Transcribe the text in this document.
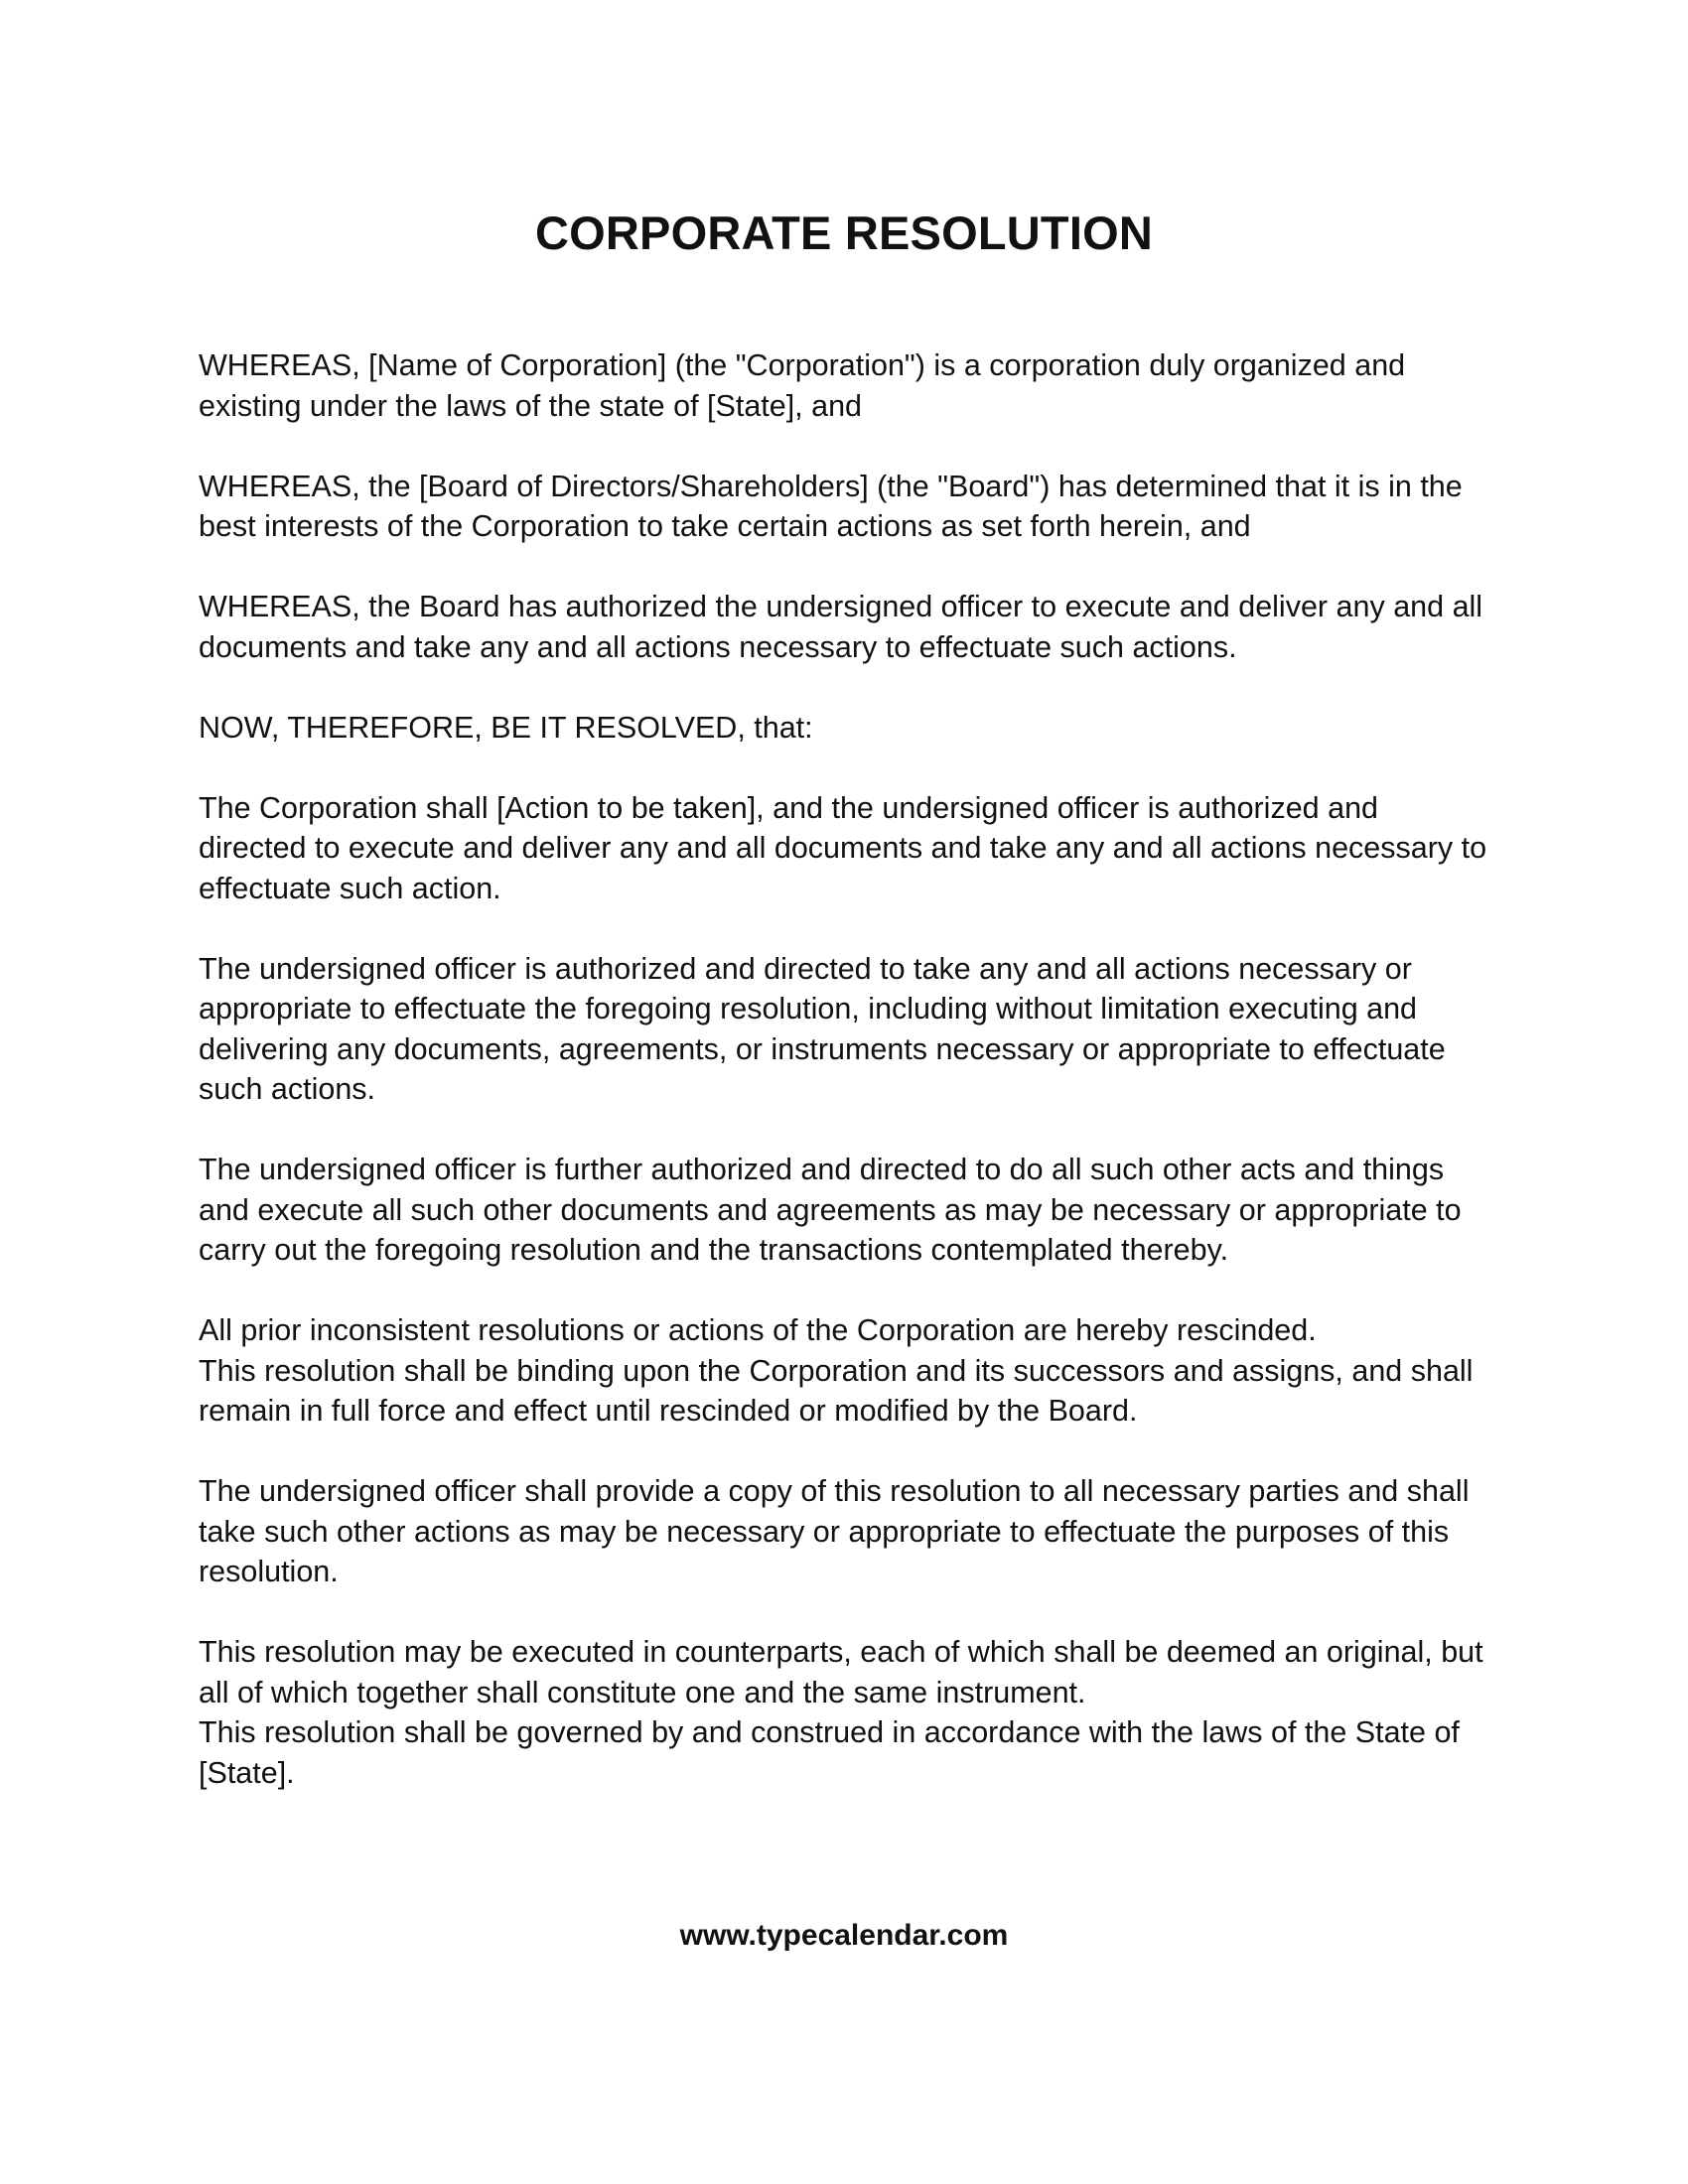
CORPORATE RESOLUTION

WHEREAS, [Name of Corporation] (the "Corporation") is a corporation duly organized and
existing under the laws of the state of [State], and

WHEREAS, the [Board of Directors/Shareholders] (the "Board") has determined that it is in the
best interests of the Corporation to take certain actions as set forth herein, and

WHEREAS, the Board has authorized the undersigned officer to execute and deliver any and all
documents and take any and all actions necessary to effectuate such actions.

NOW, THEREFORE, BE IT RESOLVED, that:

The Corporation shall [Action to be taken], and the undersigned officer is authorized and
directed to execute and deliver any and all documents and take any and all actions necessary to
effectuate such action.

The undersigned officer is authorized and directed to take any and all actions necessary or
appropriate to effectuate the foregoing resolution, including without limitation executing and
delivering any documents, agreements, or instruments necessary or appropriate to effectuate
such actions.

The undersigned officer is further authorized and directed to do all such other acts and things
and execute all such other documents and agreements as may be necessary or appropriate to
carry out the foregoing resolution and the transactions contemplated thereby.

All prior inconsistent resolutions or actions of the Corporation are hereby rescinded.
This resolution shall be binding upon the Corporation and its successors and assigns, and shall
remain in full force and effect until rescinded or modified by the Board.

The undersigned officer shall provide a copy of this resolution to all necessary parties and shall
take such other actions as may be necessary or appropriate to effectuate the purposes of this
resolution.

This resolution may be executed in counterparts, each of which shall be deemed an original, but
all of which together shall constitute one and the same instrument.
This resolution shall be governed by and construed in accordance with the laws of the State of
[State].

www.typecalendar.com
